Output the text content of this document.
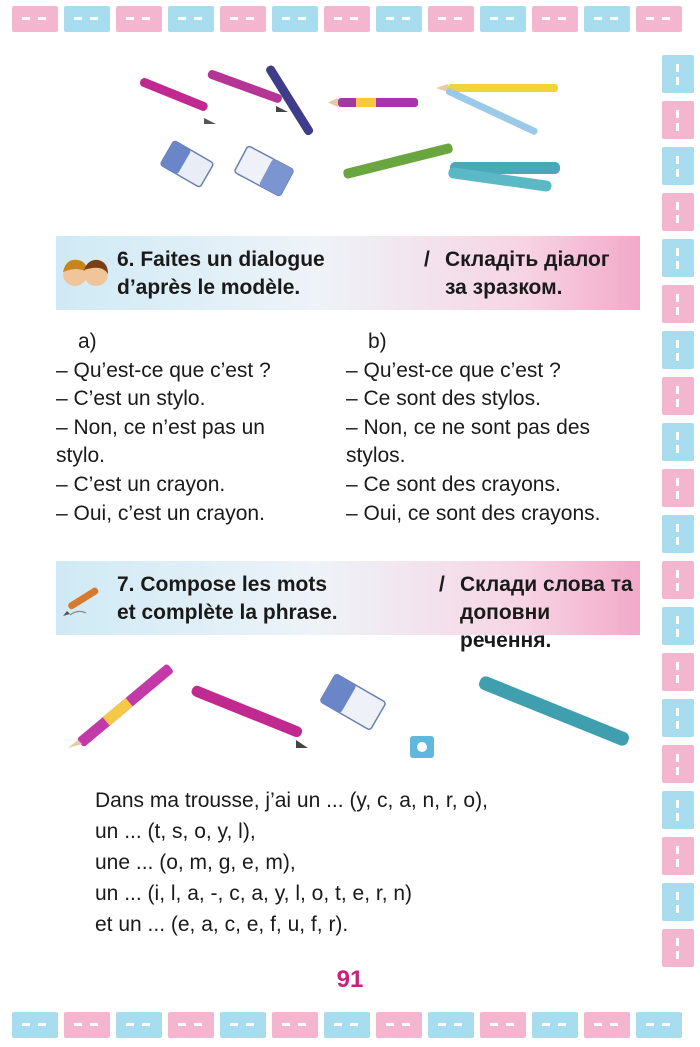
6. Faites un dialogue
d’après le modèle.
/ Складіть діалог
за зразком.
a)
– Qu’est-ce que c’est ?
– C’est un stylo.
– Non, ce n’est pas un
stylo.
– C’est un crayon.
– Oui, c’est un crayon.
b)
– Qu’est-ce que c’est ?
– Ce sont des stylos.
– Non, ce ne sont pas des
stylos.
– Ce sont des crayons.
– Oui, ce sont des crayons.
7. Compose les mots
et complète la phrase.
/ Склади слова та
доповни речення.
Dans ma trousse, j’ai un ... (y, c, a, n, r, o),
un ... (t, s, o, y, l),
une ... (o, m, g, e, m),
un ... (i, l, a, -, c, a, y, l, o, t, e, r, n)
et un ... (e, a, c, e, f, u, f, r).
91
